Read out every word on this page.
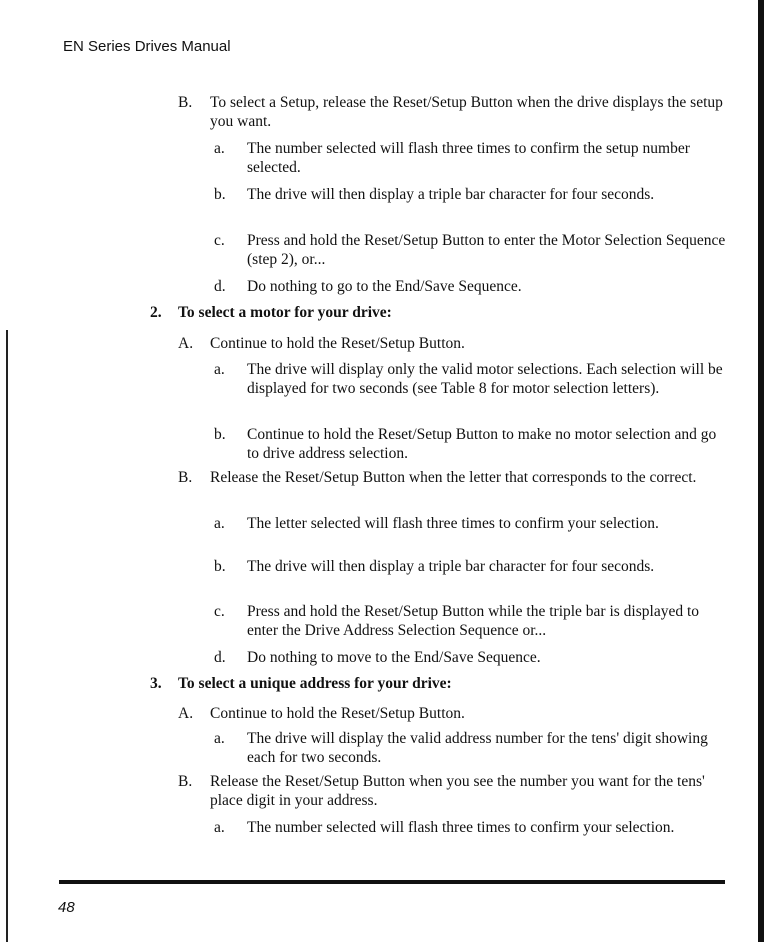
EN Series Drives Manual
B. To select a Setup, release the Reset/Setup Button when the drive displays the setup you want.
a. The number selected will flash three times to confirm the setup number selected.
b. The drive will then display a triple bar character for four seconds.
c. Press and hold the Reset/Setup Button to enter the Motor Selection Sequence (step 2), or...
d. Do nothing to go to the End/Save Sequence.
2. To select a motor for your drive:
A. Continue to hold the Reset/Setup Button.
a. The drive will display only the valid motor selections. Each selection will be displayed for two seconds (see Table 8 for motor selection letters).
b. Continue to hold the Reset/Setup Button to make no motor selection and go to drive address selection.
B. Release the Reset/Setup Button when the letter that corresponds to the correct.
a. The letter selected will flash three times to confirm your selection.
b. The drive will then display a triple bar character for four seconds.
c. Press and hold the Reset/Setup Button while the triple bar is displayed to enter the Drive Address Selection Sequence or...
d. Do nothing to move to the End/Save Sequence.
3. To select a unique address for your drive:
A. Continue to hold the Reset/Setup Button.
a. The drive will display the valid address number for the tens' digit showing each for two seconds.
B. Release the Reset/Setup Button when you see the number you want for the tens' place digit in your address.
a. The number selected will flash three times to confirm your selection.
48
